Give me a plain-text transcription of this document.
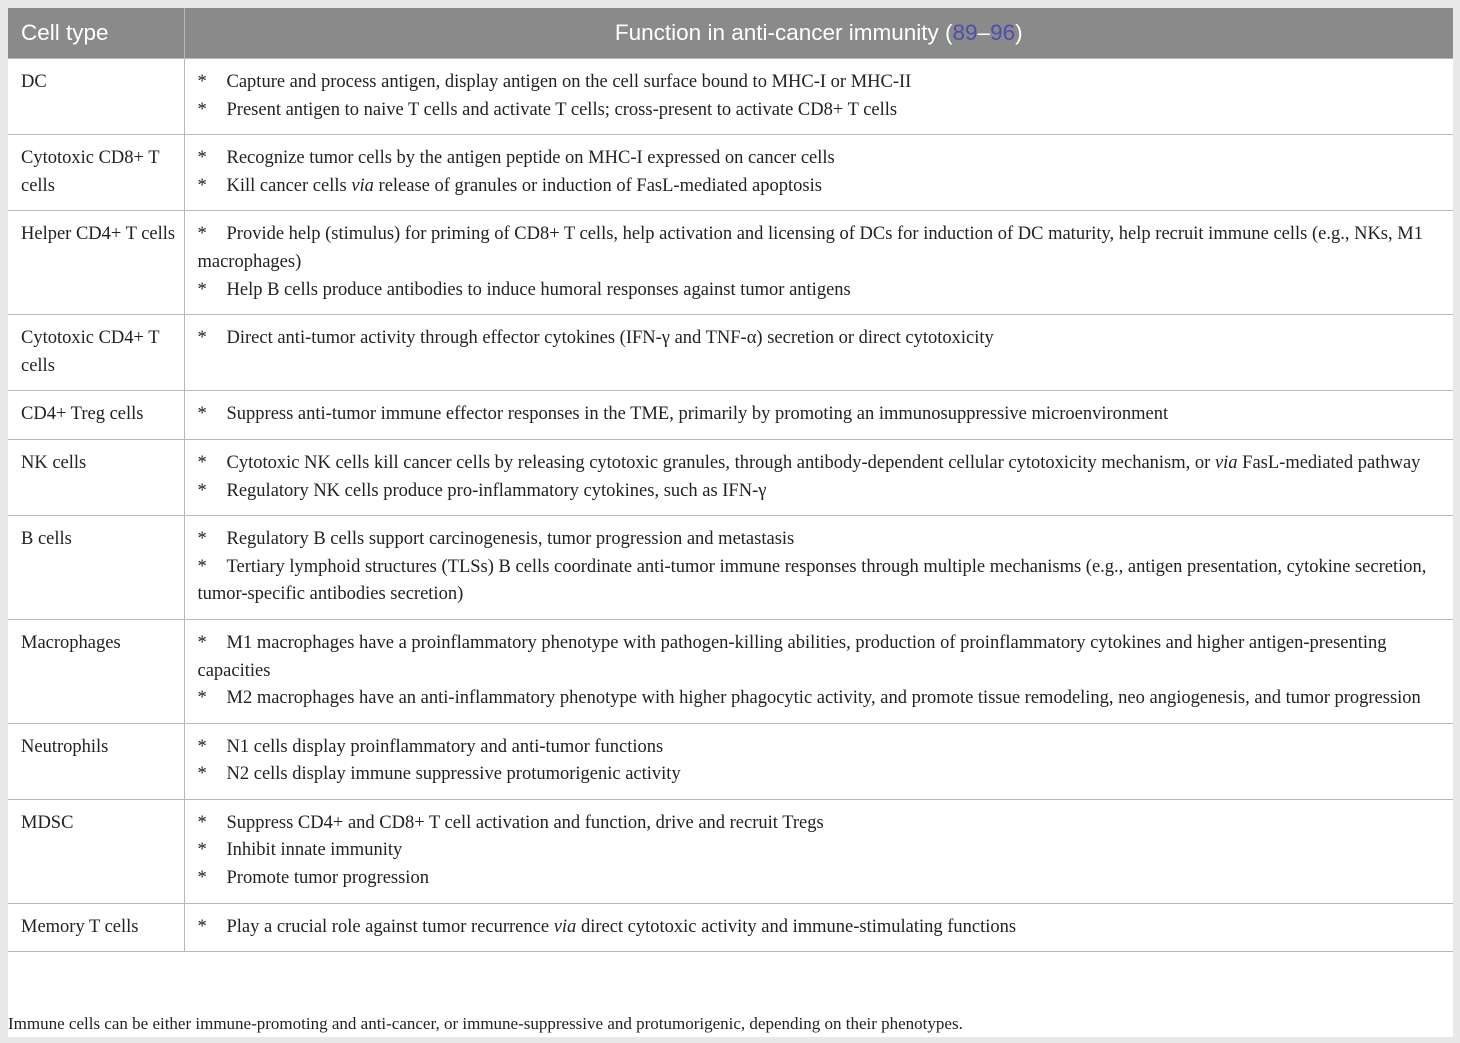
Cell type	Function in anti-cancer immunity (89–96)
DC	* Capture and process antigen, display antigen on the cell surface bound to MHC-I or MHC-II
* Present antigen to naive T cells and activate T cells; cross-present to activate CD8+ T cells

Cytotoxic CD8+ T cells	* Recognize tumor cells by the antigen peptide on MHC-I expressed on cancer cells
* Kill cancer cells via release of granules or induction of FasL-mediated apoptosis

Helper CD4+ T cells	* Provide help (stimulus) for priming of CD8+ T cells, help activation and licensing of DCs for induction of DC maturity, help recruit immune cells (e.g., NKs, M1 macrophages)
* Help B cells produce antibodies to induce humoral responses against tumor antigens

Cytotoxic CD4+ T cells	* Direct anti-tumor activity through effector cytokines (IFN-γ and TNF-α) secretion or direct cytotoxicity

CD4+ Treg cells	* Suppress anti-tumor immune effector responses in the TME, primarily by promoting an immunosuppressive microenvironment

NK cells	* Cytotoxic NK cells kill cancer cells by releasing cytotoxic granules, through antibody-dependent cellular cytotoxicity mechanism, or via FasL-mediated pathway
* Regulatory NK cells produce pro-inflammatory cytokines, such as IFN-γ

B cells	* Regulatory B cells support carcinogenesis, tumor progression and metastasis
* Tertiary lymphoid structures (TLSs) B cells coordinate anti-tumor immune responses through multiple mechanisms (e.g., antigen presentation, cytokine secretion, tumor-specific antibodies secretion)

Macrophages	* M1 macrophages have a proinflammatory phenotype with pathogen-killing abilities, production of proinflammatory cytokines and higher antigen-presenting capacities
* M2 macrophages have an anti-inflammatory phenotype with higher phagocytic activity, and promote tissue remodeling, neo angiogenesis, and tumor progression

Neutrophils	* N1 cells display proinflammatory and anti-tumor functions
* N2 cells display immune suppressive protumorigenic activity

MDSC	* Suppress CD4+ and CD8+ T cell activation and function, drive and recruit Tregs
* Inhibit innate immunity
* Promote tumor progression

Memory T cells	* Play a crucial role against tumor recurrence via direct cytotoxic activity and immune-stimulating functions
Immune cells can be either immune-promoting and anti-cancer, or immune-suppressive and protumorigenic, depending on their phenotypes.
